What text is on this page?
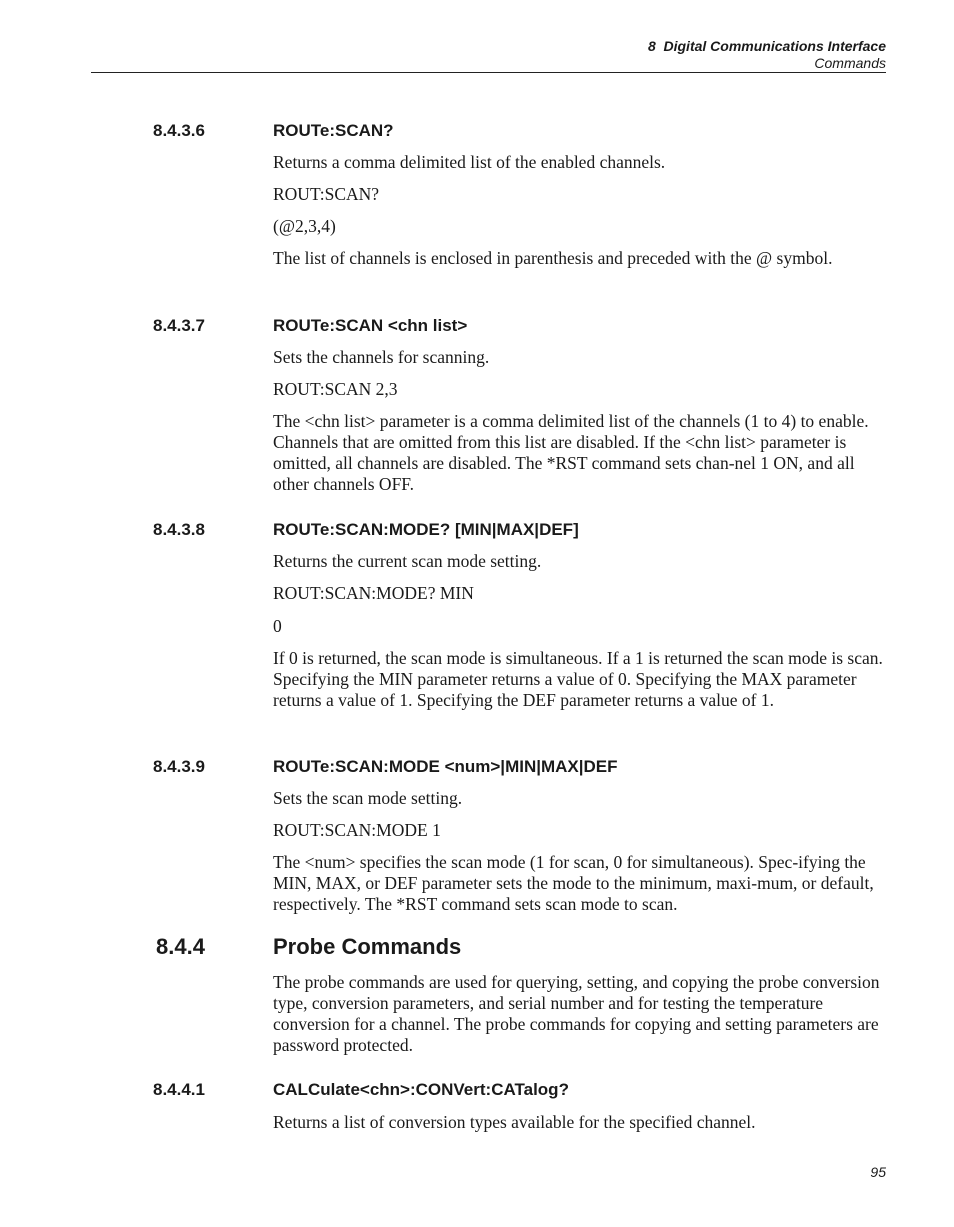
8  Digital Communications Interface
Commands
8.4.3.6	ROUTe:SCAN?

Returns a comma delimited list of the enabled channels.

ROUT:SCAN?

(@2,3,4)

The list of channels is enclosed in parenthesis and preceded with the @ symbol.

8.4.3.7	ROUTe:SCAN <chn list>

Sets the channels for scanning.

ROUT:SCAN 2,3

The <chn list> parameter is a comma delimited list of the channels (1 to 4) to enable. Channels that are omitted from this list are disabled. If the <chn list> parameter is omitted, all channels are disabled. The *RST command sets chan-nel 1 ON, and all other channels OFF.

8.4.3.8	ROUTe:SCAN:MODE? [MIN|MAX|DEF]

Returns the current scan mode setting.

ROUT:SCAN:MODE? MIN

0

If 0 is returned, the scan mode is simultaneous. If a 1 is returned the scan mode is scan. Specifying the MIN parameter returns a value of 0. Specifying the MAX parameter returns a value of 1. Specifying the DEF parameter returns a value of 1.

8.4.3.9	ROUTe:SCAN:MODE <num>|MIN|MAX|DEF

Sets the scan mode setting.

ROUT:SCAN:MODE 1

The <num> specifies the scan mode (1 for scan, 0 for simultaneous). Spec-ifying the MIN, MAX, or DEF parameter sets the mode to the minimum, maxi-mum, or default, respectively. The *RST command sets scan mode to scan.

8.4.4	Probe Commands

The probe commands are used for querying, setting, and copying the probe conversion type, conversion parameters, and serial number and for testing the temperature conversion for a channel. The probe commands for copying and setting parameters are password protected.

8.4.4.1	CALCulate<chn>:CONVert:CATalog?

Returns a list of conversion types available for the specified channel.

95
